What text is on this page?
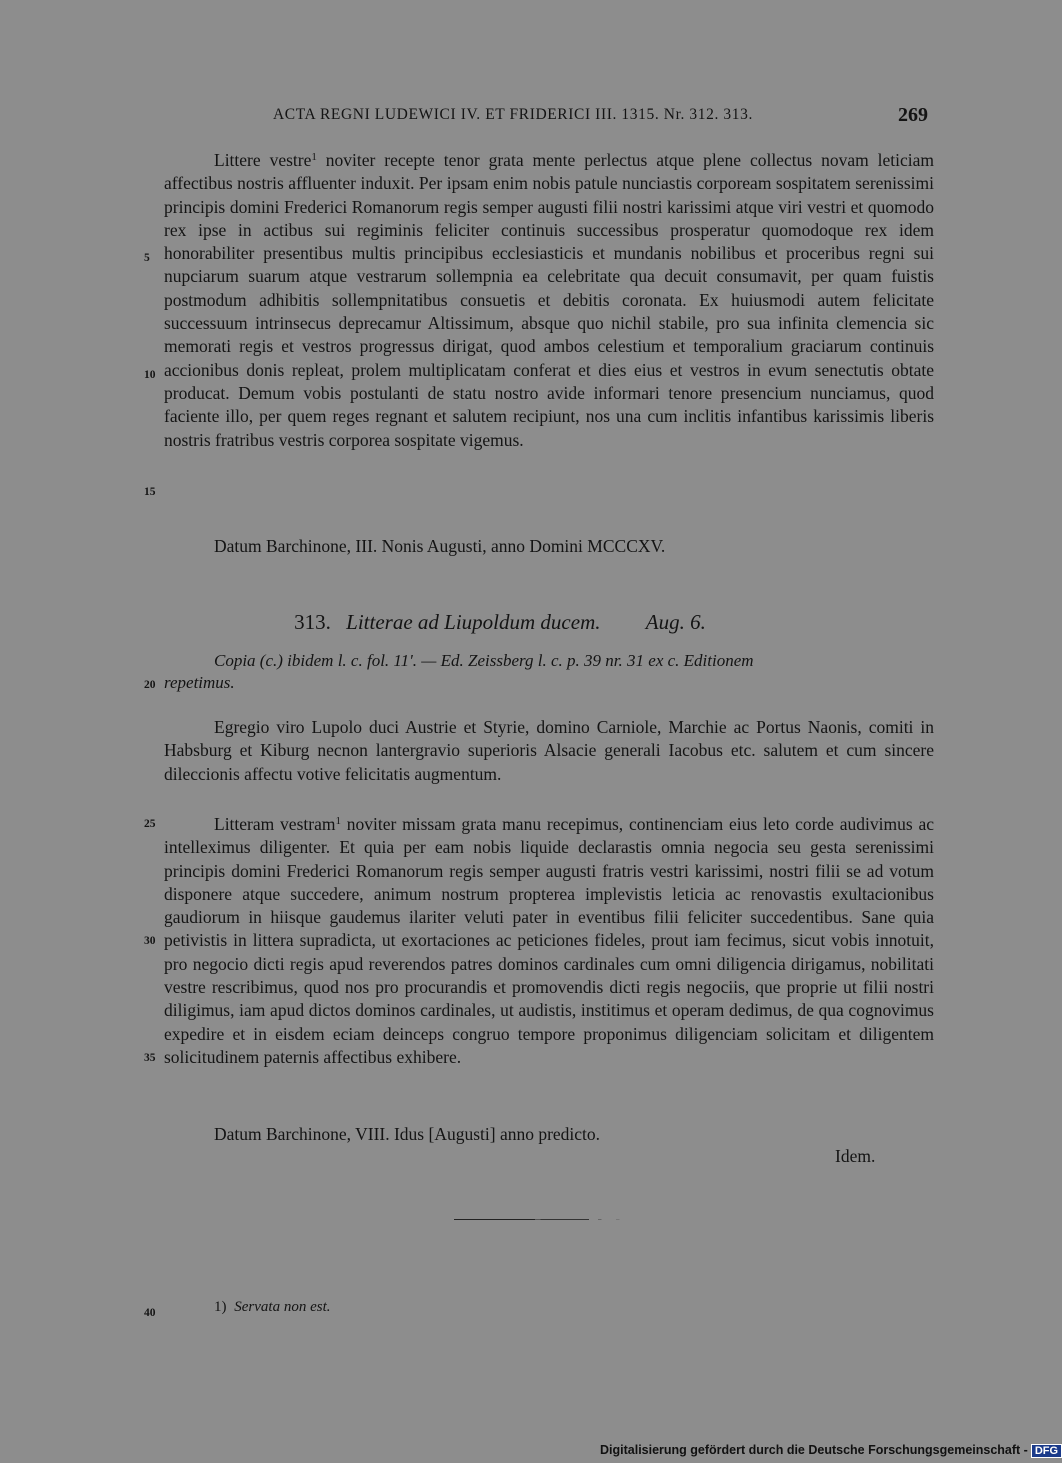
ACTA REGNI LUDEWICI IV. ET FRIDERICI III. 1315. Nr. 312. 313.	269

Littere vestre$^1$ noviter recepte tenor grata mente perlectus atque plene collectus novam leticiam affectibus nostris affluenter induxit. Per ipsam enim nobis patule nunciastis corpoream sospitatem serenissimi principis domini Frederici Romanorum regis semper augusti filii nostri karissimi atque viri vestri et quomodo rex ipse in actibus sui regiminis feliciter continuis successibus prosperatur quomodoque rex idem honorabiliter presentibus multis principibus ecclesiasticis et mundanis nobilibus et proceribus regni sui nupciarum suarum atque vestrarum sollempnia ea celebritate qua decuit consumavit, per quam fuistis postmodum adhibitis sollempnitatibus consuetis et debitis coronata. Ex huiusmodi autem felicitate successuum intrinsecus deprecamur Altissimum, absque quo nichil stabile, pro sua infinita clemencia sic memorati regis et vestros progressus dirigat, quod ambos celestium et temporalium graciarum continuis accionibus donis repleat, prolem multiplicatam conferat et dies eius et vestros in evum senectutis obtate producat. Demum vobis postulanti de statu nostro avide informari tenore presencium nunciamus, quod faciente illo, per quem reges regnant et salutem recipiunt, nos una cum inclitis infantibus karissimis liberis nostris fratribus vestris corporea sospitate vigemus.

Datum Barchinone, III. Nonis Augusti, anno Domini MCCCXV.
5
10
15
20
25
30
35
40
313. Litterae ad Liupoldum ducem. Aug. 6.
Copia (c.) ibidem l. c. fol. 11'. — Ed. Zeissberg l. c. p. 39 nr. 31 ex c. Editionem
repetimus.

Egregio viro Lupolo duci Austrie et Styrie, domino Carniole, Marchie ac Portus Naonis, comiti in Habsburg et Kiburg necnon lantergravio superioris Alsacie generali Iacobus etc. salutem et cum sincere dileccionis affectu votive felicitatis augmentum.

Litteram vestram$^1$ noviter missam grata manu recepimus, continenciam eius leto corde audivimus ac intelleximus diligenter. Et quia per eam nobis liquide declarastis omnia negocia seu gesta serenissimi principis domini Frederici Romanorum regis semper augusti fratris vestri karissimi, nostri filii se ad votum disponere atque succedere, animum nostrum propterea implevistis leticia ac renovastis exultacionibus gaudiorum in hiisque gaudemus ilariter veluti pater in eventibus filii feliciter succedentibus. Sane quia petivistis in littera supradicta, ut exortaciones ac peticiones fideles, prout iam fecimus, sicut vobis innotuit, pro negocio dicti regis apud reverendos patres dominos cardinales cum omni diligencia dirigamus, nobilitati vestre rescribimus, quod nos pro procurandis et promovendis dicti regis negociis, que proprie ut filii nostri diligimus, iam apud dictos dominos cardinales, ut audistis, institimus et operam dedimus, de qua cognovimus expedire et in eisdem eciam deinceps congruo tempore proponimus diligenciam solicitam et diligentem solicitudinem paternis affectibus exhibere.

Datum Barchinone, VIII. Idus [Augusti] anno predicto.
Idem.
1) Servata non est.
Digitalisierung gefördert durch die Deutsche Forschungsgemeinschaft - DFG
